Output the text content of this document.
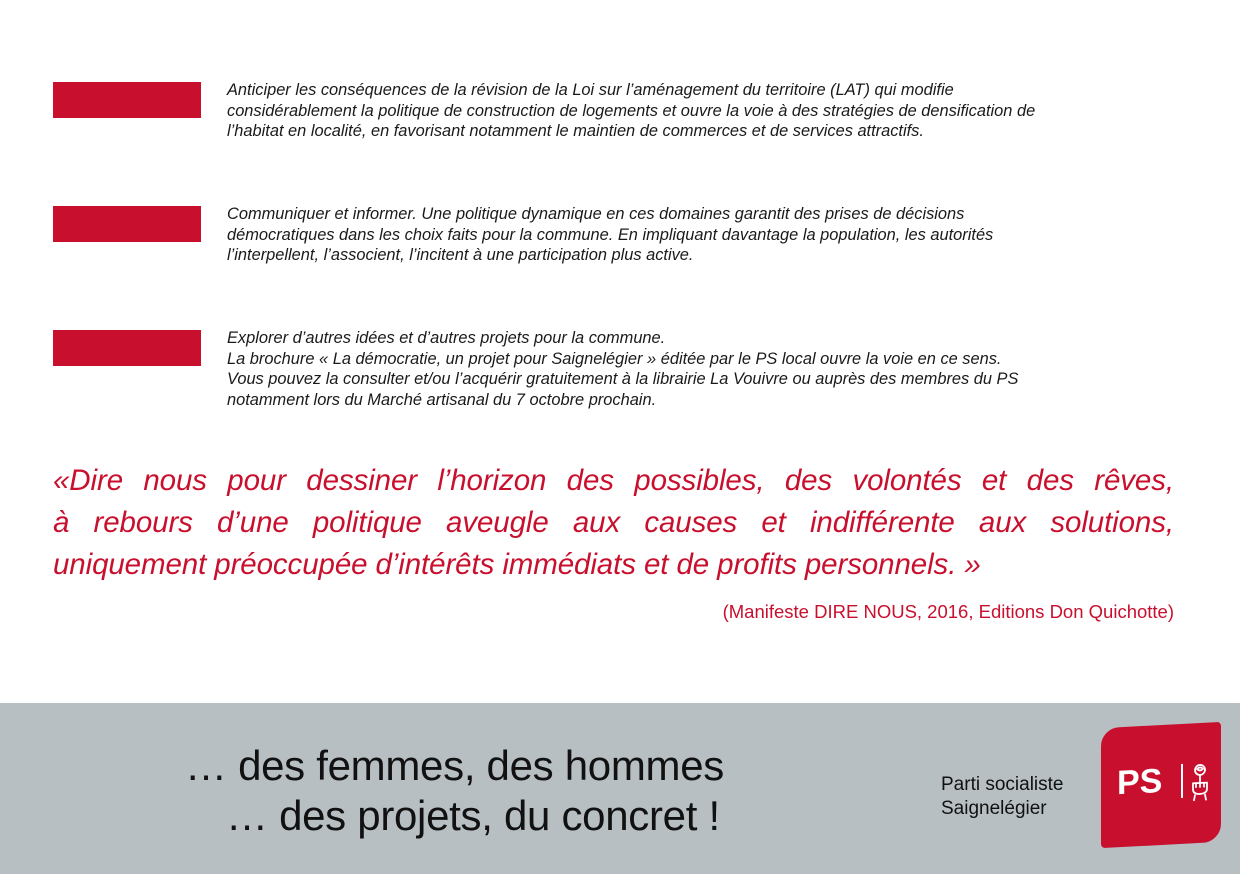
Anticiper les conséquences de la révision de la Loi sur l’aménagement du territoire (LAT) qui modifie
considérablement la politique de construction de logements et ouvre la voie à des stratégies de densification de
l’habitat en localité, en favorisant notamment le maintien de commerces et de services attractifs.

Communiquer et informer. Une politique dynamique en ces domaines garantit des prises de décisions
démocratiques dans les choix faits pour la commune. En impliquant davantage la population, les autorités
l’interpellent, l’associent, l’incitent à une participation plus active.

Explorer d’autres idées et d’autres projets pour la commune.
La brochure « La démocratie, un projet pour Saignelégier » éditée par le PS local ouvre la voie en ce sens.
Vous pouvez la consulter et/ou l’acquérir gratuitement à la librairie La Vouivre ou auprès des membres du PS
notamment lors du Marché artisanal du 7 octobre prochain.

«Dire nous pour dessiner l’horizon des possibles, des volontés et des rêves,
à rebours d’une politique aveugle aux causes et indifférente aux solutions,
uniquement préoccupée d’intérêts immédiats et de profits personnels. »

(Manifeste DIRE NOUS, 2016, Editions Don Quichotte)

… des femmes, des hommes

… des projets, du concret !

Parti socialiste
Saignelégier

PS
